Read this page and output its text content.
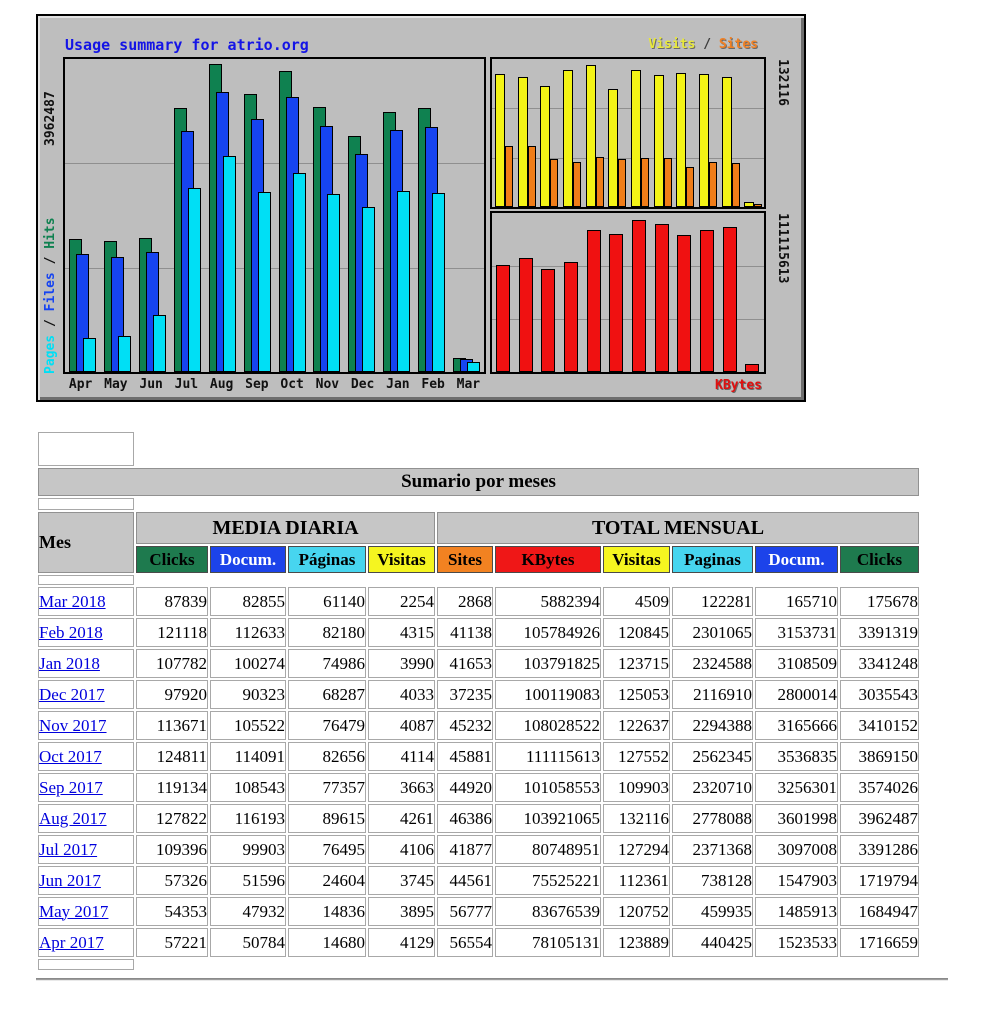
Usage summary for atrio.org	Visits / Sites
3962487
Pages / Files / Hits
132116
111115613
Apr May Jun Jul Aug Sep Oct Nov Dec Jan Feb Mar	KBytes

Sumario por meses										

Mes	MEDIA DIARIA				TOTAL MENSUAL					
	Clicks	Docum.	Páginas	Visitas	Sites	KBytes	Visitas	Paginas	Docum.	Clicks

Mar 2018	87839	82855	61140	2254	2868	5882394	4509	122281	165710	175678
Feb 2018	121118	112633	82180	4315	41138	105784926	120845	2301065	3153731	3391319
Jan 2018	107782	100274	74986	3990	41653	103791825	123715	2324588	3108509	3341248
Dec 2017	97920	90323	68287	4033	37235	100119083	125053	2116910	2800014	3035543
Nov 2017	113671	105522	76479	4087	45232	108028522	122637	2294388	3165666	3410152
Oct 2017	124811	114091	82656	4114	45881	111115613	127552	2562345	3536835	3869150
Sep 2017	119134	108543	77357	3663	44920	101058553	109903	2320710	3256301	3574026
Aug 2017	127822	116193	89615	4261	46386	103921065	132116	2778088	3601998	3962487
Jul 2017	109396	99903	76495	4106	41877	80748951	127294	2371368	3097008	3391286
Jun 2017	57326	51596	24604	3745	44561	75525221	112361	738128	1547903	1719794
May 2017	54353	47932	14836	3895	56777	83676539	120752	459935	1485913	1684947
Apr 2017	57221	50784	14680	4129	56554	78105131	123889	440425	1523533	1716659
